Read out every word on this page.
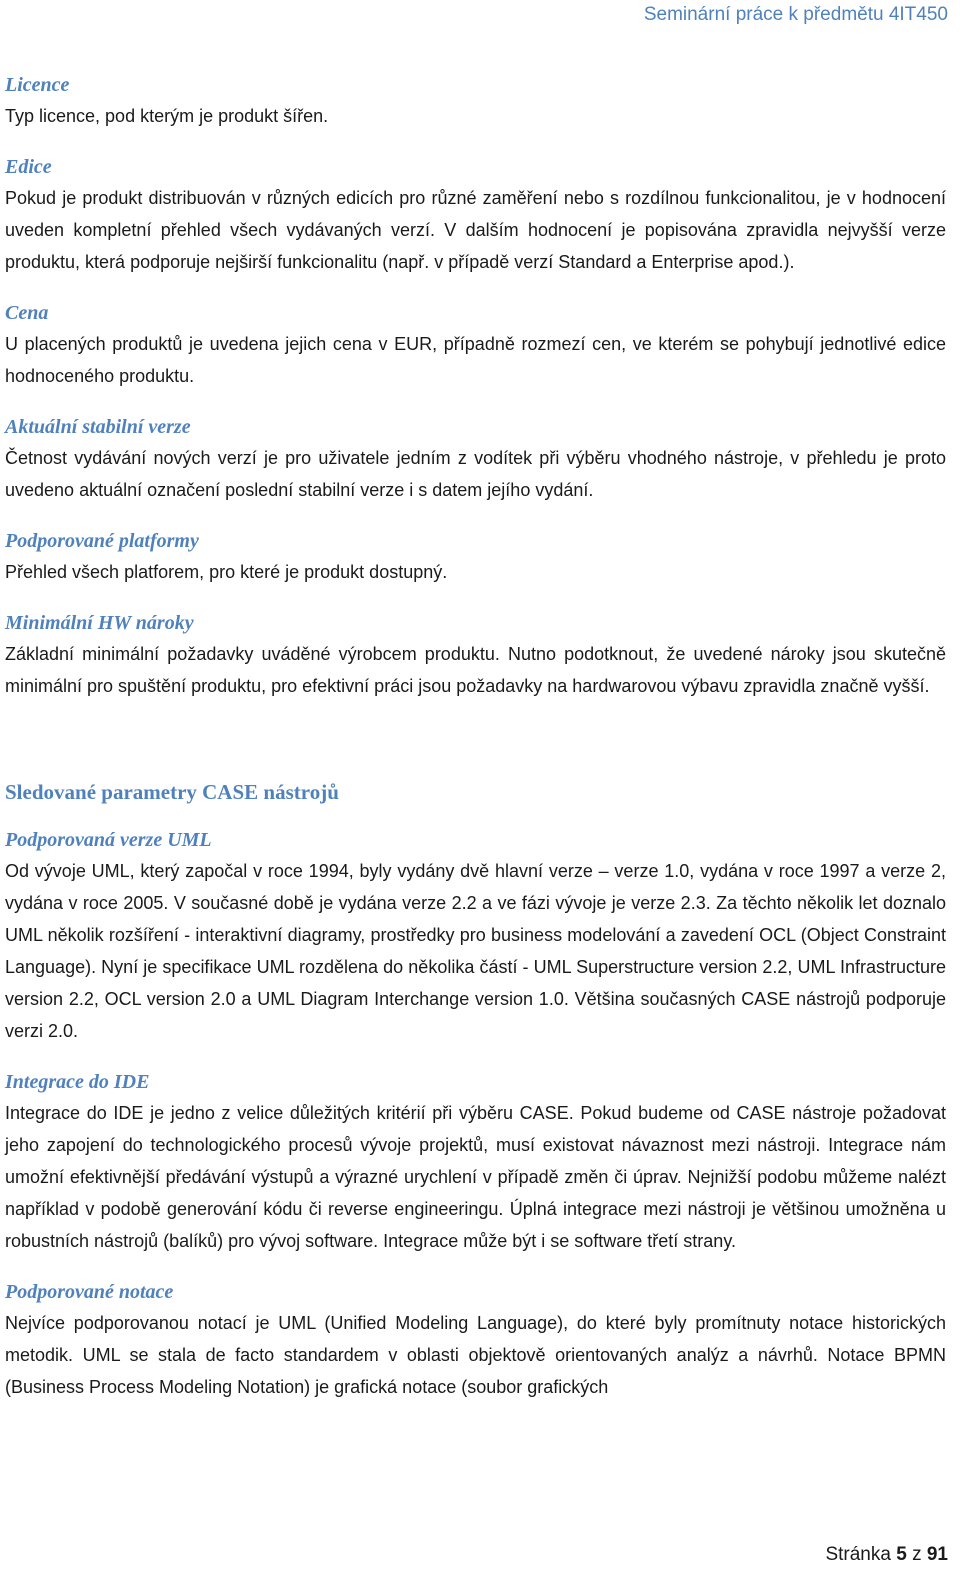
Seminární práce k předmětu 4IT450
Licence

Typ licence, pod kterým je produkt šířen.

Edice

Pokud je produkt distribuován v různých edicích pro různé zaměření nebo s rozdílnou funkcionalitou, je v hodnocení uveden kompletní přehled všech vydávaných verzí. V dalším hodnocení je popisována zpravidla nejvyšší verze produktu, která podporuje nejširší funkcionalitu (např. v případě verzí Standard a Enterprise apod.).

Cena

U placených produktů je uvedena jejich cena v EUR, případně rozmezí cen, ve kterém se pohybují jednotlivé edice hodnoceného produktu.

Aktuální stabilní verze

Četnost vydávání nových verzí je pro uživatele jedním z vodítek při výběru vhodného nástroje, v přehledu je proto uvedeno aktuální označení poslední stabilní verze i s datem jejího vydání.

Podporované platformy

Přehled všech platforem, pro které je produkt dostupný.

Minimální HW nároky

Základní minimální požadavky uváděné výrobcem produktu. Nutno podotknout, že uvedené nároky jsou skutečně minimální pro spuštění produktu, pro efektivní práci jsou požadavky na hardwarovou výbavu zpravidla značně vyšší.

Sledované parametry CASE nástrojů
Podporovaná verze UML

Od vývoje UML, který započal v roce 1994, byly vydány dvě hlavní verze – verze 1.0, vydána v roce 1997 a verze 2, vydána v roce 2005. V současné době je vydána verze 2.2 a ve fázi vývoje je verze 2.3. Za těchto několik let doznalo UML několik rozšíření - interaktivní diagramy, prostředky pro business modelování a zavedení OCL (Object Constraint Language). Nyní je specifikace UML rozdělena do několika částí - UML Superstructure version 2.2, UML Infrastructure version 2.2, OCL version 2.0 a UML Diagram Interchange version 1.0. Většina současných CASE nástrojů podporuje verzi 2.0.

Integrace do IDE

Integrace do IDE je jedno z velice důležitých kritérií při výběru CASE. Pokud budeme od CASE nástroje požadovat jeho zapojení do technologického procesů vývoje projektů, musí existovat návaznost mezi nástroji. Integrace nám umožní efektivnější předávání výstupů a výrazné urychlení v případě změn či úprav. Nejnižší podobu můžeme nalézt například v podobě generování kódu či reverse engineeringu. Úplná integrace mezi nástroji je většinou umožněna u robustních nástrojů (balíků) pro vývoj software. Integrace může být i se software třetí strany.

Podporované notace

Nejvíce podporovanou notací je UML (Unified Modeling Language), do které byly promítnuty notace historických metodik. UML se stala de facto standardem v oblasti objektově orientovaných analýz a návrhů. Notace BPMN (Business Process Modeling Notation) je grafická notace (soubor grafických

Stránka 5 z 91
